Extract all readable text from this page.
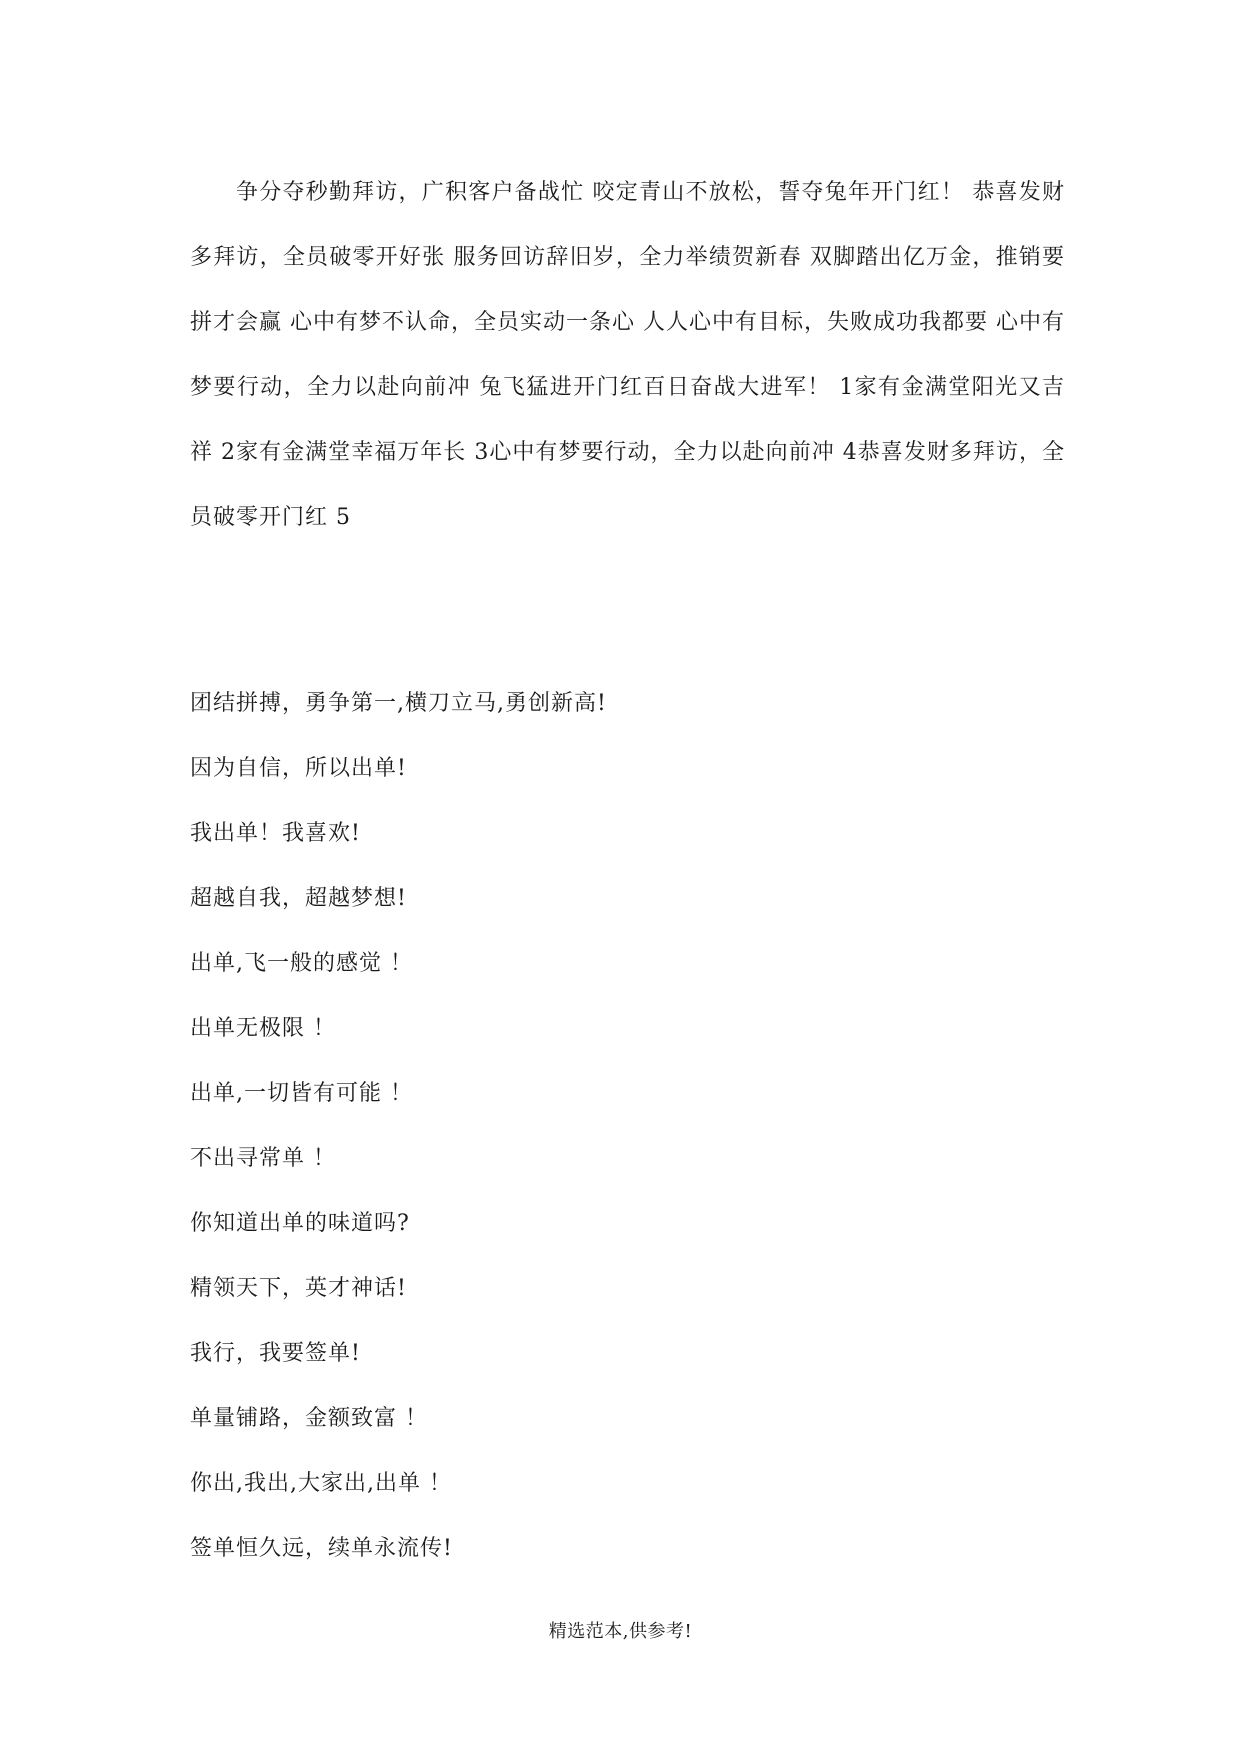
争分夺秒勤拜访，广积客户备战忙 咬定青山不放松，誓夺兔年开门红！ 恭喜发财多拜访，全员破零开好张 服务回访辞旧岁，全力举绩贺新春 双脚踏出亿万金，推销要拼才会赢 心中有梦不认命，全员实动一条心 人人心中有目标，失败成功我都要 心中有梦要行动，全力以赴向前冲 兔飞猛进开门红百日奋战大进军！ 1家有金满堂阳光又吉祥 2家有金满堂幸福万年长 3心中有梦要行动，全力以赴向前冲 4恭喜发财多拜访，全员破零开门红 5

团结拼搏，勇争第一,横刀立马,勇创新高!
因为自信，所以出单!
我出单！我喜欢!
超越自我，超越梦想!
出单,飞一般的感觉 ！
出单无极限 ！
出单,一切皆有可能 ！
不出寻常单 ！
你知道出单的味道吗?
精领天下，英才神话!
我行，我要签单!
单量铺路，金额致富 ！
你出,我出,大家出,出单 ！
签单恒久远，续单永流传!
精选范本,供参考!
